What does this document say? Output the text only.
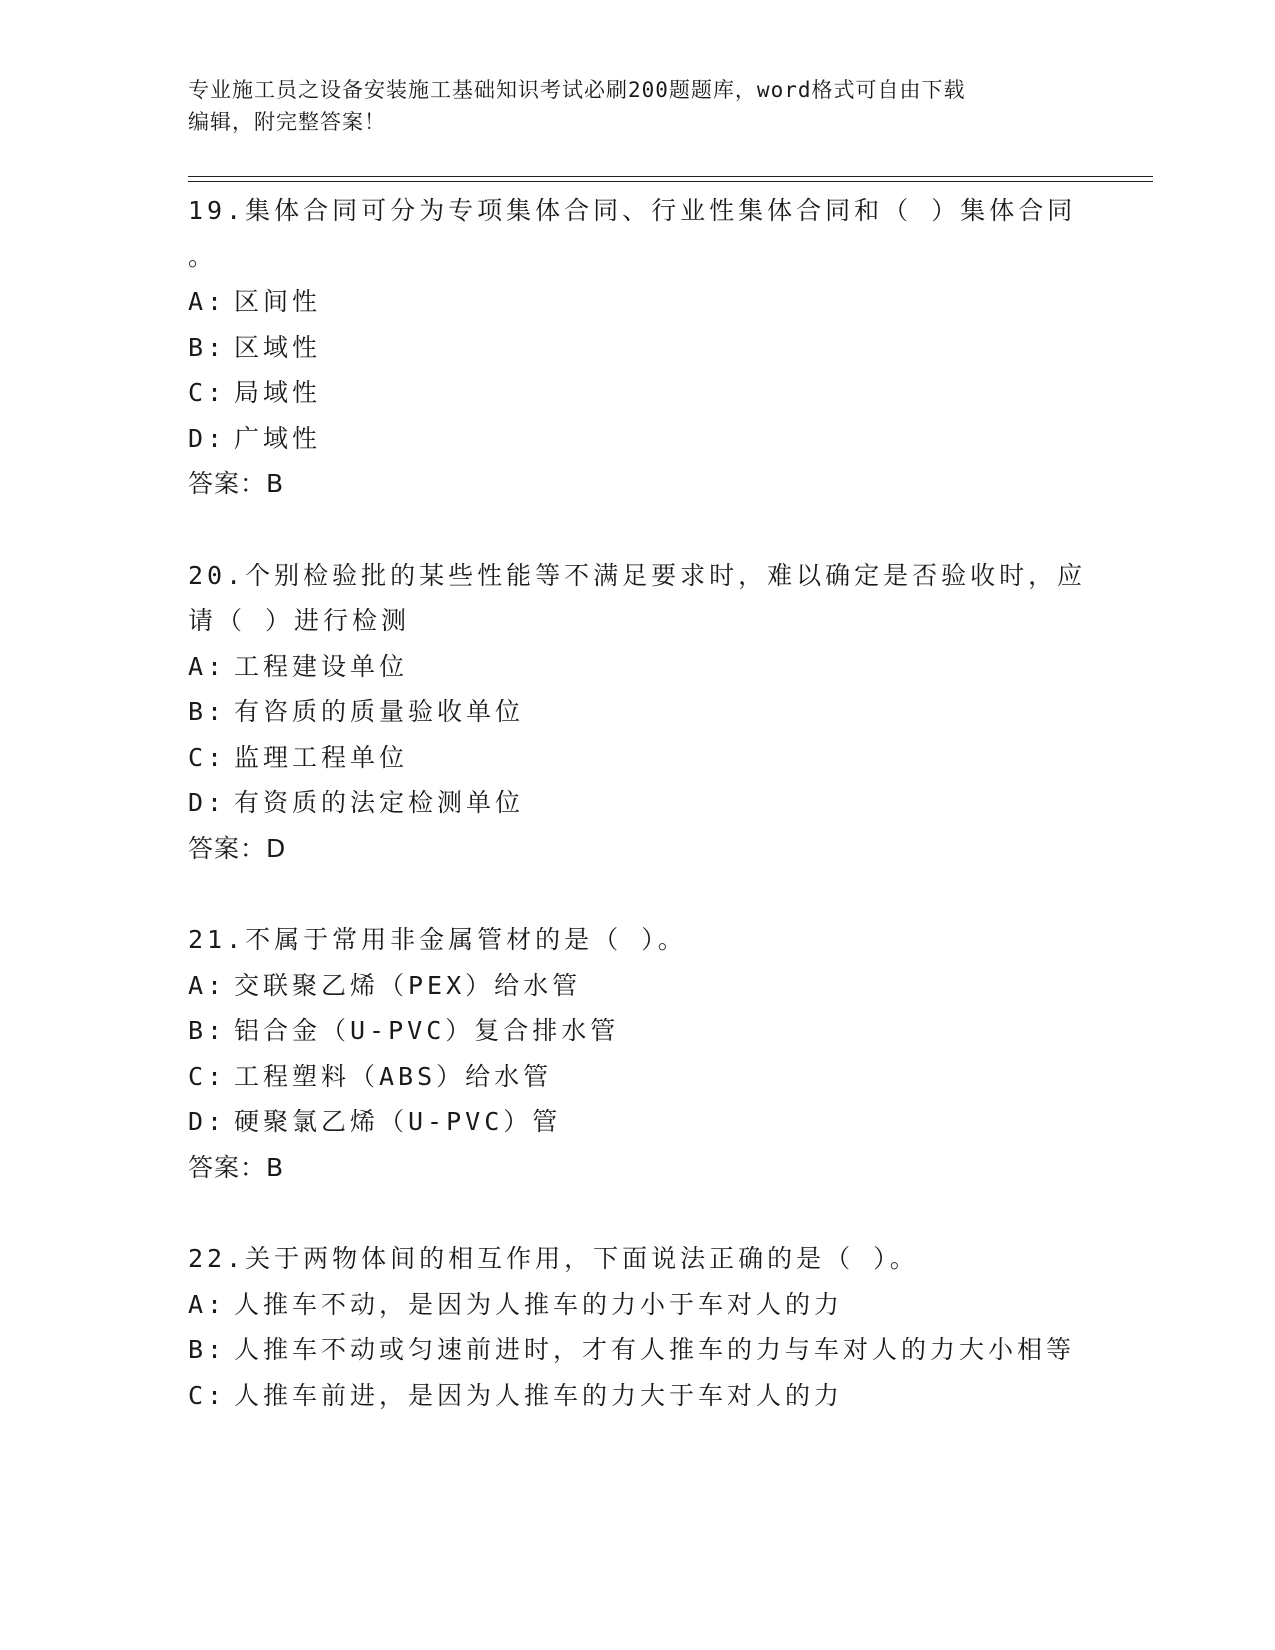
专业施工员之设备安装施工基础知识考试必刷200题题库，word格式可自由下载
编辑，附完整答案！
19.集体合同可分为专项集体合同、行业性集体合同和（ ）集体合同
。
A: 区间性
B: 区域性
C: 局域性
D: 广域性
答案：B
20.个别检验批的某些性能等不满足要求时，难以确定是否验收时，应
请（ ）进行检测
A: 工程建设单位
B: 有咨质的质量验收单位
C: 监理工程单位
D: 有资质的法定检测单位
答案：D
21.不属于常用非金属管材的是（ ）。
A: 交联聚乙烯（PEX）给水管
B: 铝合金（U-PVC）复合排水管
C: 工程塑料（ABS）给水管
D: 硬聚氯乙烯（U-PVC）管
答案：B
22.关于两物体间的相互作用，下面说法正确的是（ ）。
A: 人推车不动，是因为人推车的力小于车对人的力
B: 人推车不动或匀速前进时，才有人推车的力与车对人的力大小相等
C: 人推车前进，是因为人推车的力大于车对人的力
